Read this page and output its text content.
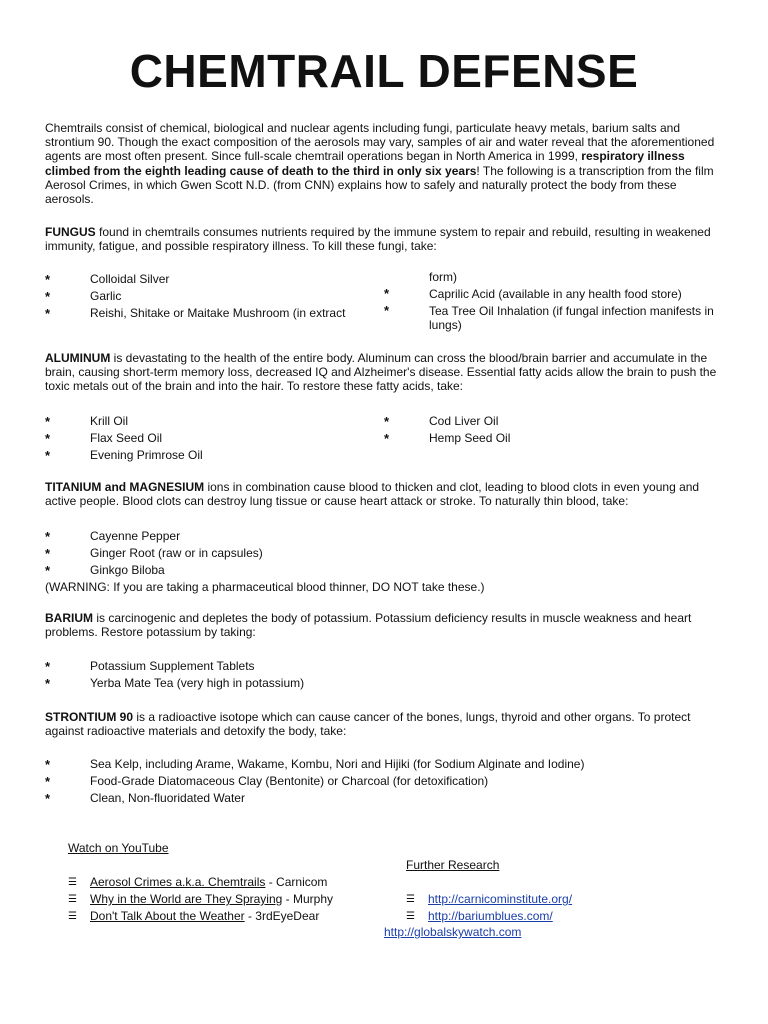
CHEMTRAIL DEFENSE
Chemtrails consist of chemical, biological and nuclear agents including fungi, particulate heavy metals, barium salts and strontium 90. Though the exact composition of the aerosols may vary, samples of air and water reveal that the aforementioned agents are most often present. Since full-scale chemtrail operations began in North America in 1999, respiratory illness climbed from the eighth leading cause of death to the third in only six years! The following is a transcription from the film Aerosol Crimes, in which Gwen Scott N.D. (from CNN) explains how to safely and naturally protect the body from these aerosols.
FUNGUS found in chemtrails consumes nutrients required by the immune system to repair and rebuild, resulting in weakened immunity, fatigue, and possible respiratory illness. To kill these fungi, take:
*	Colloidal Silver
*	Garlic
*	Reishi, Shitake or Maitake Mushroom (in extract
form)
*	Caprilic Acid (available in any health food store)
*	Tea Tree Oil Inhalation (if fungal infection manifests in lungs)
ALUMINUM is devastating to the health of the entire body. Aluminum can cross the blood/brain barrier and accumulate in the brain, causing short-term memory loss, decreased IQ and Alzheimer's disease. Essential fatty acids allow the brain to push the toxic metals out of the brain and into the hair. To restore these fatty acids, take:
*	Krill Oil
*	Flax Seed Oil
*	Evening Primrose Oil
*	Cod Liver Oil
*	Hemp Seed Oil
TITANIUM and MAGNESIUM ions in combination cause blood to thicken and clot, leading to blood clots in even young and active people. Blood clots can destroy lung tissue or cause heart attack or stroke. To naturally thin blood, take:
*	Cayenne Pepper
*	Ginger Root (raw or in capsules)
*	Ginkgo Biloba
(WARNING: If you are taking a pharmaceutical blood thinner, DO NOT take these.)
BARIUM is carcinogenic and depletes the body of potassium. Potassium deficiency results in muscle weakness and heart problems. Restore potassium by taking:
*	Potassium Supplement Tablets
*	Yerba Mate Tea (very high in potassium)
STRONTIUM 90 is a radioactive isotope which can cause cancer of the bones, lungs, thyroid and other organs. To protect against radioactive materials and detoxify the body, take:
*	Sea Kelp, including Arame, Wakame, Kombu, Nori and Hijiki (for Sodium Alginate and Iodine)
*	Food-Grade Diatomaceous Clay (Bentonite) or Charcoal (for detoxification)
*	Clean, Non-fluoridated Water
Watch on YouTube
☰ Aerosol Crimes a.k.a. Chemtrails - Carnicom
☰ Why in the World are They Spraying - Murphy
☰ Don't Talk About the Weather - 3rdEyeDear
Further Research
☰ http://carnicominstitute.org/
☰ http://bariumblues.com/
http://globalskywatch.com
